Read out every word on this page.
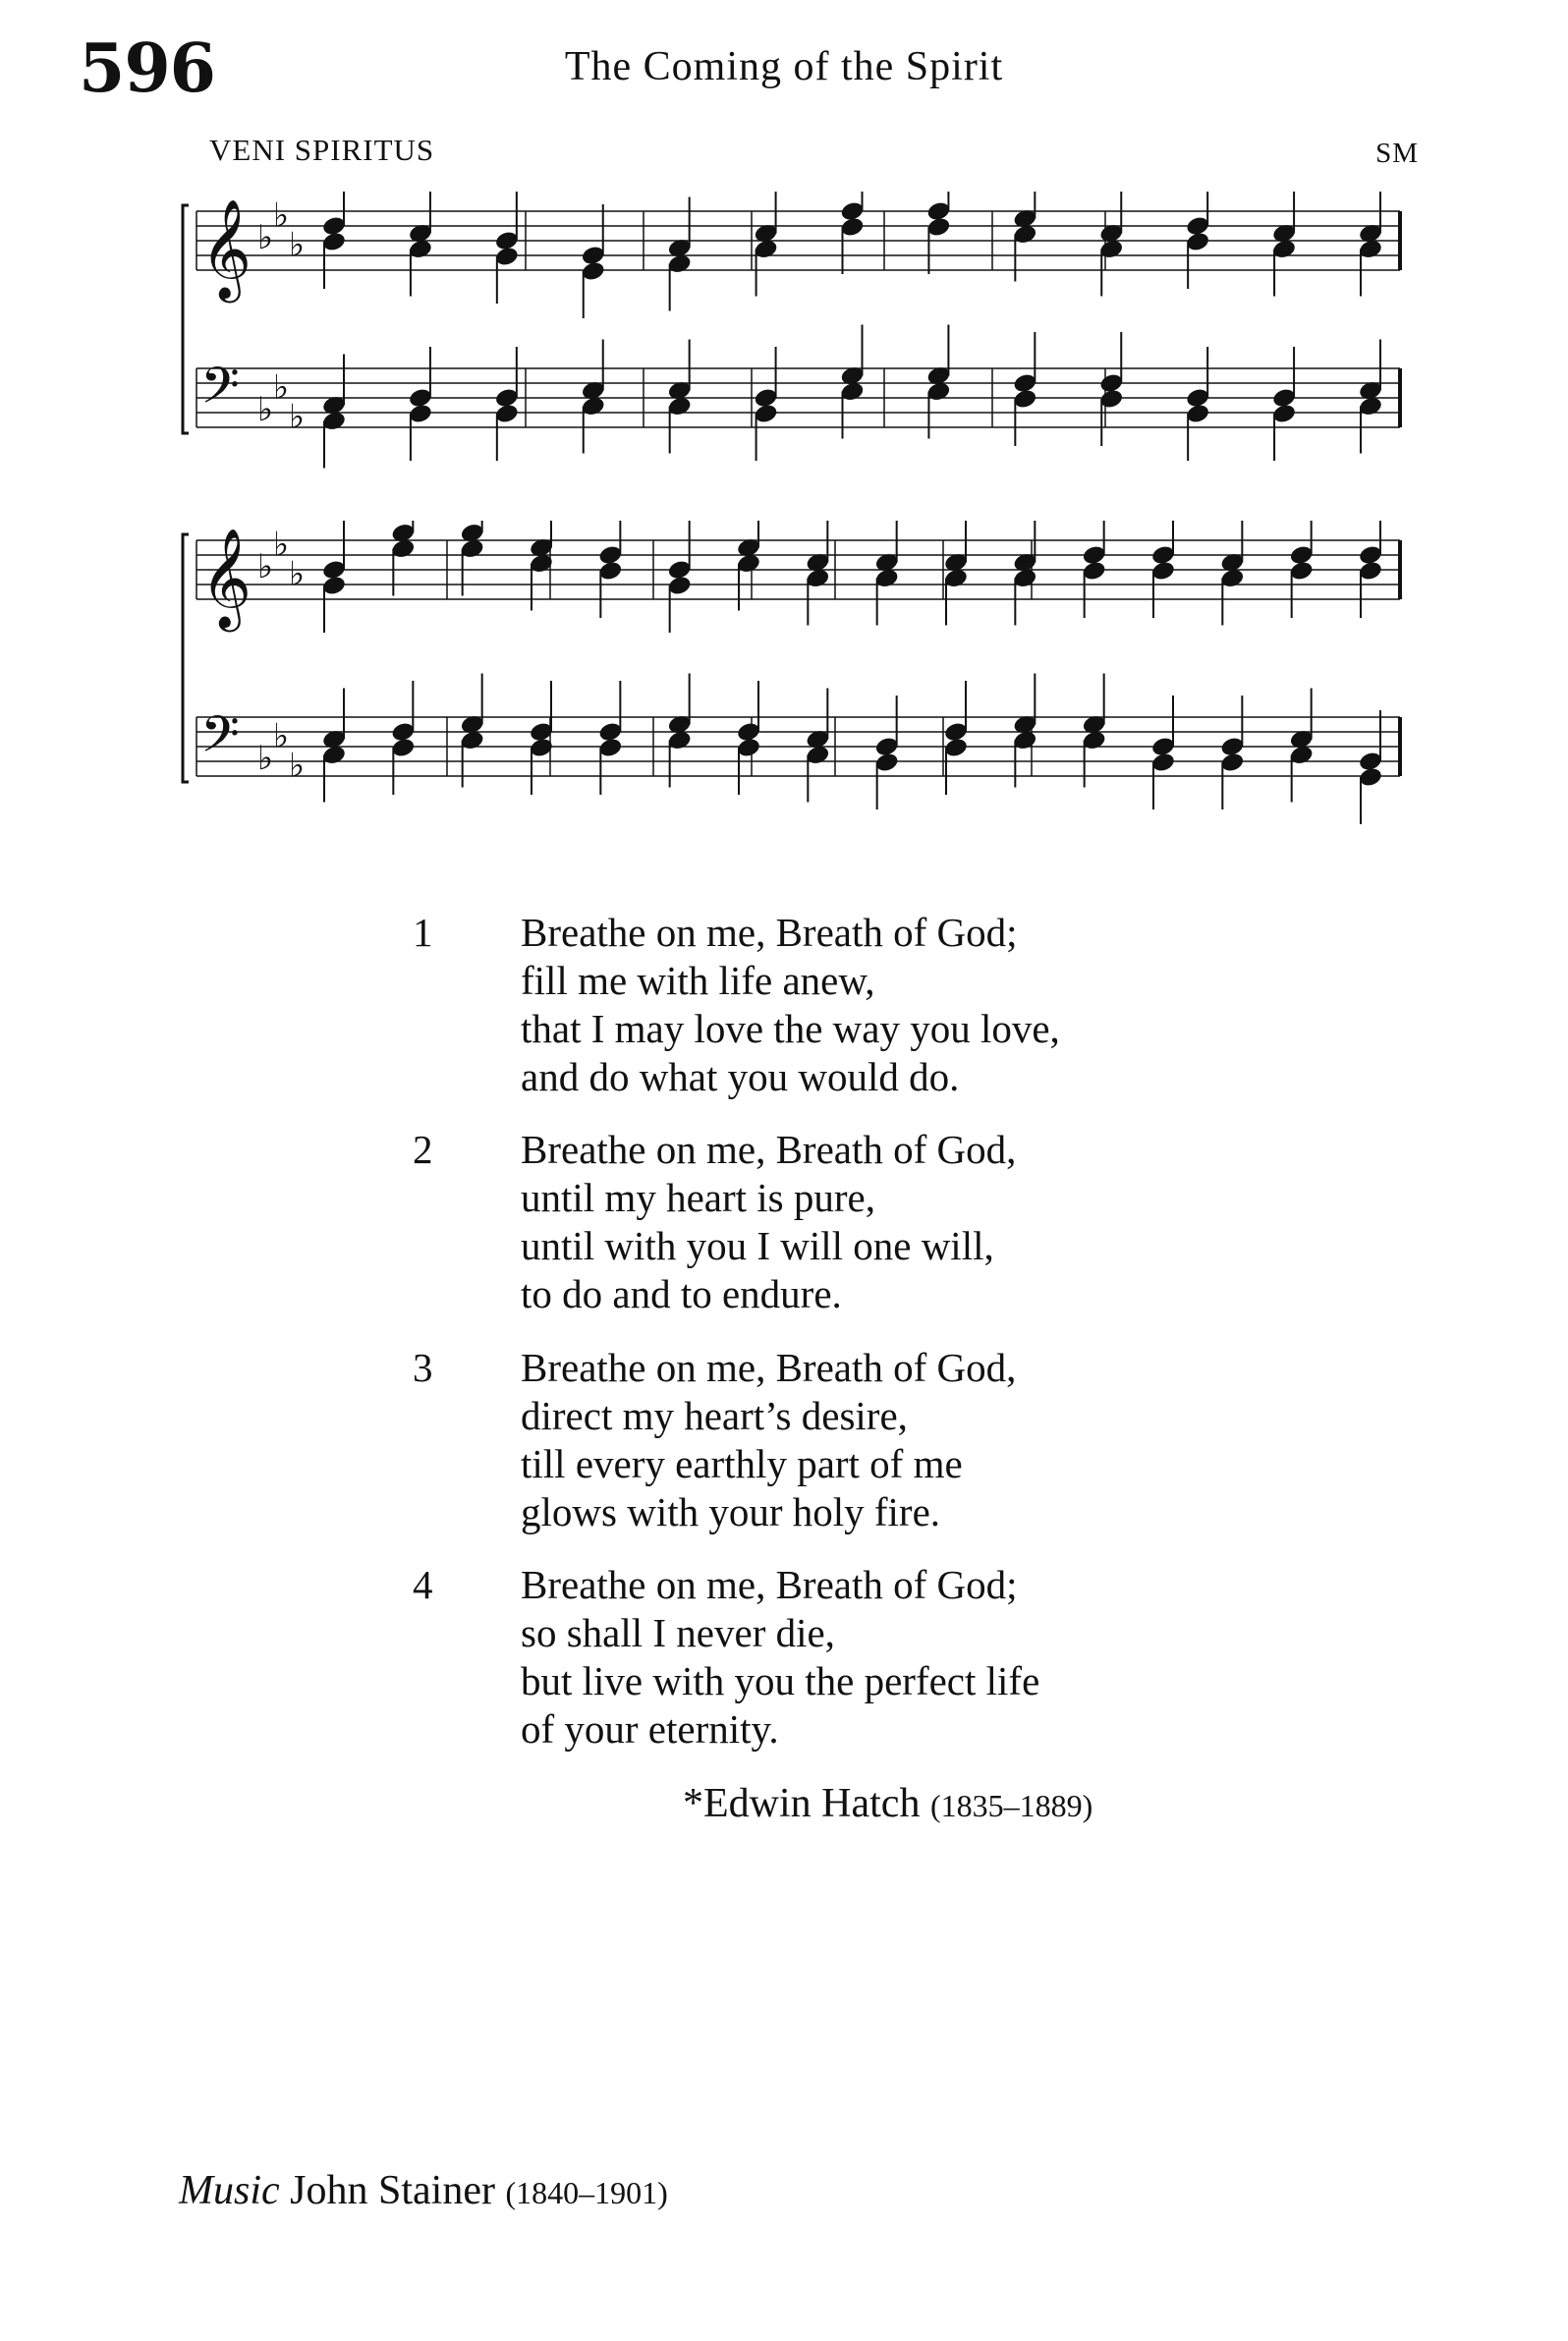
596	The Coming of the Spirit
VENI SPIRITUS	SM
𝄞 ♭
♭
♭
𝄢 ♭
♭
♭
𝄞 ♭
♭
♭
𝄢 ♭
♭
♭
1	Breathe on me, Breath of God;
fill me with life anew,
that I may love the way you love,
and do what you would do.
2	Breathe on me, Breath of God,
until my heart is pure,
until with you I will one will,
to do and to endure.
3	Breathe on me, Breath of God,
direct my heart’s desire,
till every earthly part of me
glows with your holy fire.
4	Breathe on me, Breath of God;
so shall I never die,
but live with you the perfect life
of your eternity.
*Edwin Hatch (1835–1889)
Music John Stainer (1840–1901)
